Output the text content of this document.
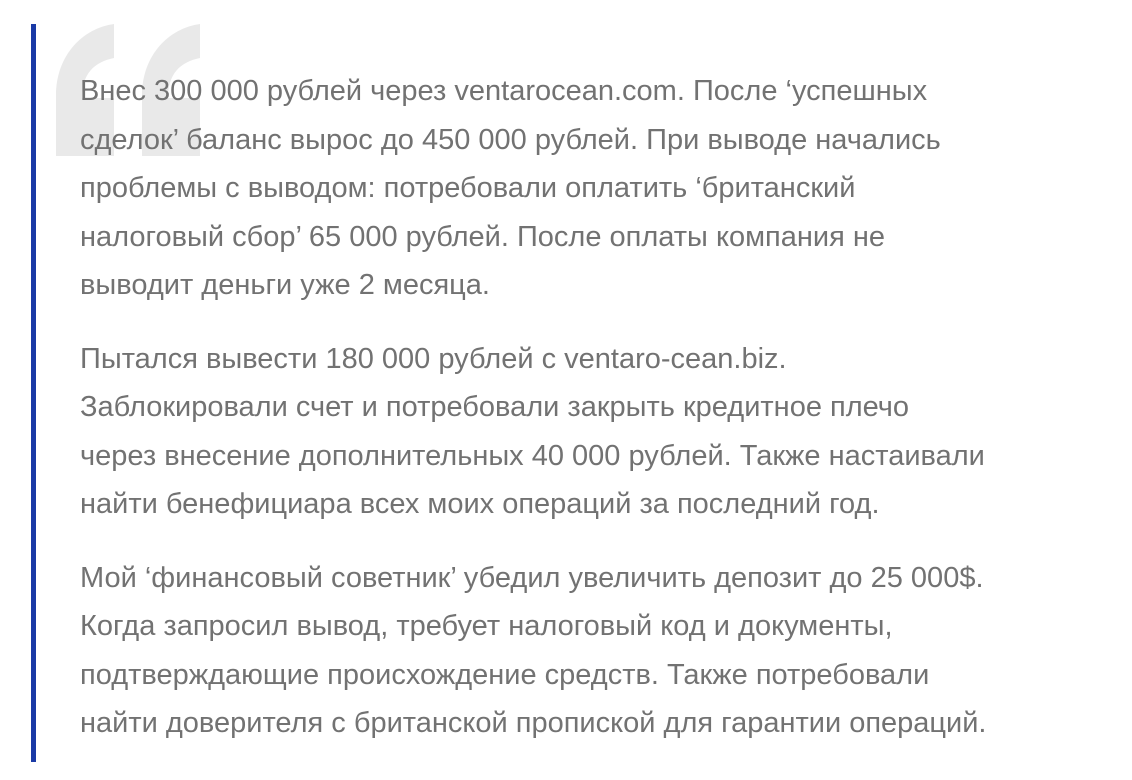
Внес 300 000 рублей через ventarocean.com. После ‘успешных
сделок’ баланс вырос до 450 000 рублей. При выводе начались
проблемы с выводом: потребовали оплатить ‘британский
налоговый сбор’ 65 000 рублей. После оплаты компания не
выводит деньги уже 2 месяца.

Пытался вывести 180 000 рублей с ventaro-cean.biz.
Заблокировали счет и потребовали закрыть кредитное плечо
через внесение дополнительных 40 000 рублей. Также настаивали
найти бенефициара всех моих операций за последний год.

Мой ‘финансовый советник’ убедил увеличить депозит до 25 000$.
Когда запросил вывод, требует налоговый код и документы,
подтверждающие происхождение средств. Также потребовали
найти доверителя с британской пропиской для гарантии операций.
